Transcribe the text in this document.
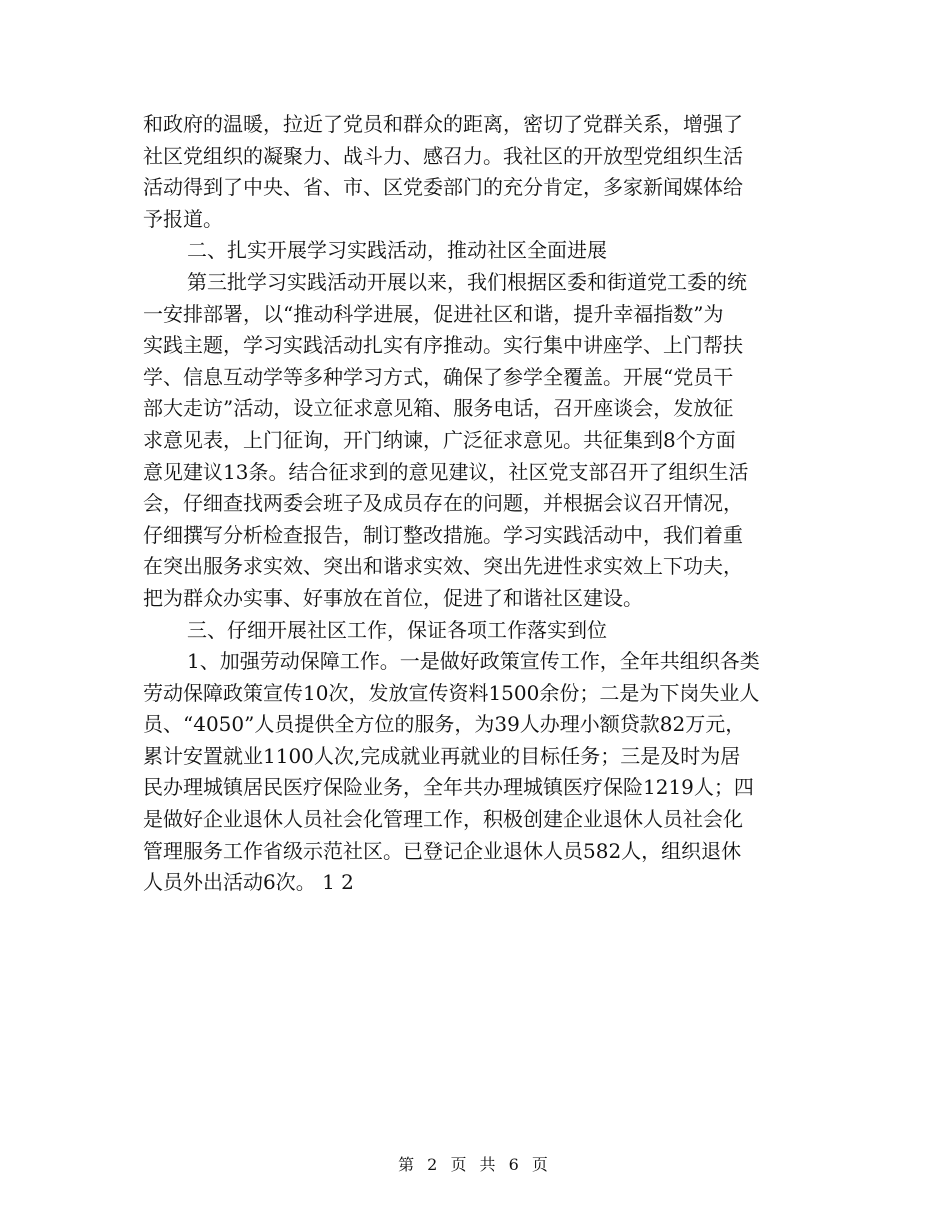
和政府的温暖，拉近了党员和群众的距离，密切了党群关系，增强了
社区党组织的凝聚力、战斗力、感召力。我社区的开放型党组织生活
活动得到了中央、省、市、区党委部门的充分肯定，多家新闻媒体给
予报道。
二、扎实开展学习实践活动，推动社区全面进展
第三批学习实践活动开展以来，我们根据区委和街道党工委的统
一安排部署，以“推动科学进展，促进社区和谐，提升幸福指数”为
实践主题，学习实践活动扎实有序推动。实行集中讲座学、上门帮扶
学、信息互动学等多种学习方式，确保了参学全覆盖。开展“党员干
部大走访”活动，设立征求意见箱、服务电话，召开座谈会，发放征
求意见表，上门征询，开门纳谏，广泛征求意见。共征集到8个方面
意见建议13条。结合征求到的意见建议，社区党支部召开了组织生活
会，仔细查找两委会班子及成员存在的问题，并根据会议召开情况，
仔细撰写分析检查报告，制订整改措施。学习实践活动中，我们着重
在突出服务求实效、突出和谐求实效、突出先进性求实效上下功夫，
把为群众办实事、好事放在首位，促进了和谐社区建设。
三、仔细开展社区工作，保证各项工作落实到位
1、加强劳动保障工作。一是做好政策宣传工作，全年共组织各类
劳动保障政策宣传10次，发放宣传资料1500余份；二是为下岗失业人
员、“4050”人员提供全方位的服务，为39人办理小额贷款82万元，
累计安置就业1100人次,完成就业再就业的目标任务；三是及时为居
民办理城镇居民医疗保险业务，全年共办理城镇医疗保险1219人；四
是做好企业退休人员社会化管理工作，积极创建企业退休人员社会化
管理服务工作省级示范社区。已登记企业退休人员582人，组织退休
人员外出活动6次。 1 2
第 2 页 共 6 页
